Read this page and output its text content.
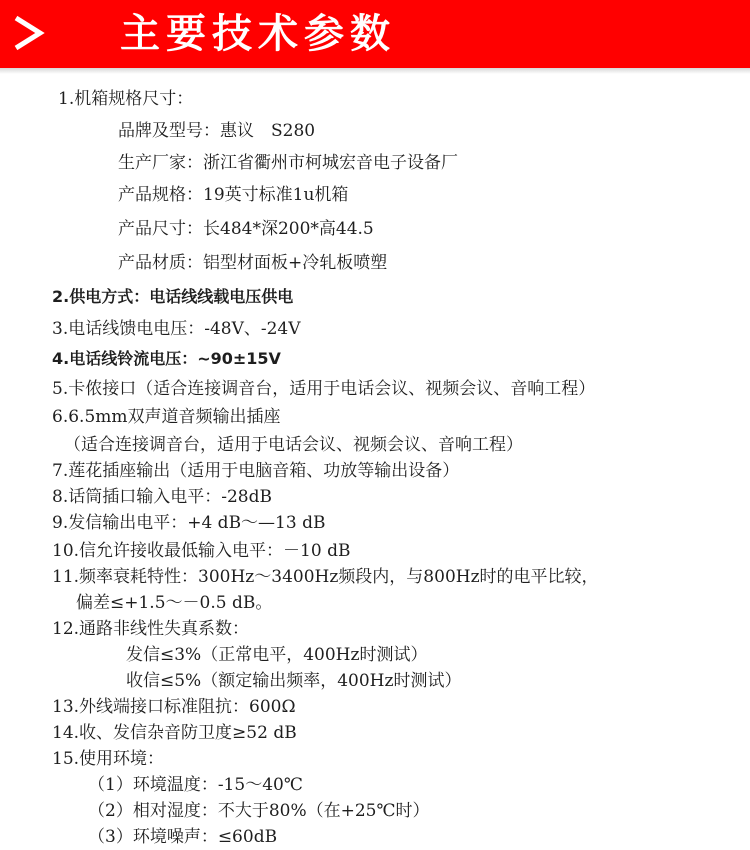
主要技术参数
1.机箱规格尺寸：
品牌及型号：惠议　S280
生产厂家：浙江省衢州市柯城宏音电子设备厂
产品规格：19英寸标准1u机箱
产品尺寸：长484*深200*高44.5
产品材质：铝型材面板+冷轧板喷塑
2.供电方式：电话线线载电压供电
3.电话线馈电电压：-48V、-24V
4.电话线铃流电压：~90±15V
5.卡侬接口（适合连接调音台，适用于电话会议、视频会议、音响工程）
6.6.5mm双声道音频输出插座
（适合连接调音台，适用于电话会议、视频会议、音响工程）
7.莲花插座输出（适用于电脑音箱、功放等输出设备）
8.话筒插口输入电平：-28dB
9.发信输出电平：+4 dB～—13 dB
10.信允许接收最低输入电平：－10 dB
11.频率衰耗特性：300Hz～3400Hz频段内，与800Hz时的电平比较，
偏差≤+1.5～－0.5 dB。
12.通路非线性失真系数：
发信≤3%（正常电平，400Hz时测试）
收信≤5%（额定输出频率，400Hz时测试）
13.外线端接口标准阻抗：600Ω
14.收、发信杂音防卫度≥52 dB
15.使用环境：
（1）环境温度：-15～40℃
（2）相对湿度：不大于80%（在+25℃时）
（3）环境噪声：≤60dB
